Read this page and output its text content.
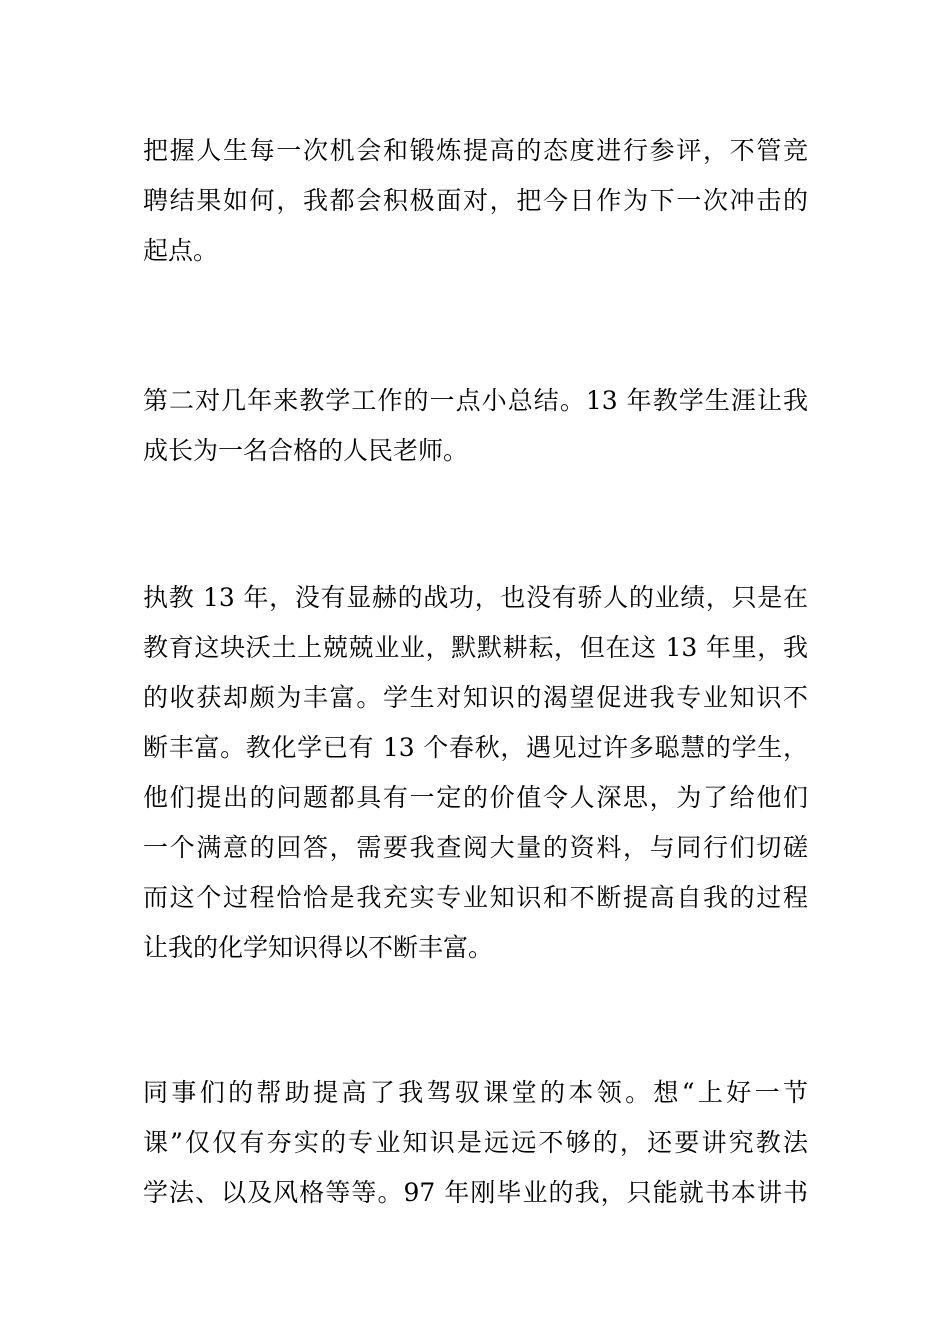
把握人生每一次机会和锻炼提高的态度进行参评，不管竞
聘结果如何，我都会积极面对，把今日作为下一次冲击的
起点。

第二对几年来教学工作的一点小总结。13 年教学生涯让我
成长为一名合格的人民老师。

执教 13 年，没有显赫的战功，也没有骄人的业绩，只是在
教育这块沃土上兢兢业业，默默耕耘，但在这 13 年里，我
的收获却颇为丰富。学生对知识的渴望促进我专业知识不
断丰富。教化学已有 13 个春秋，遇见过许多聪慧的学生，
他们提出的问题都具有一定的价值令人深思，为了给他们
一个满意的回答，需要我查阅大量的资料，与同行们切磋
而这个过程恰恰是我充实专业知识和不断提高自我的过程
让我的化学知识得以不断丰富。

同事们的帮助提高了我驾驭课堂的本领。想“上好一节
课”仅仅有夯实的专业知识是远远不够的，还要讲究教法
学法、以及风格等等。97 年刚毕业的我，只能就书本讲书
